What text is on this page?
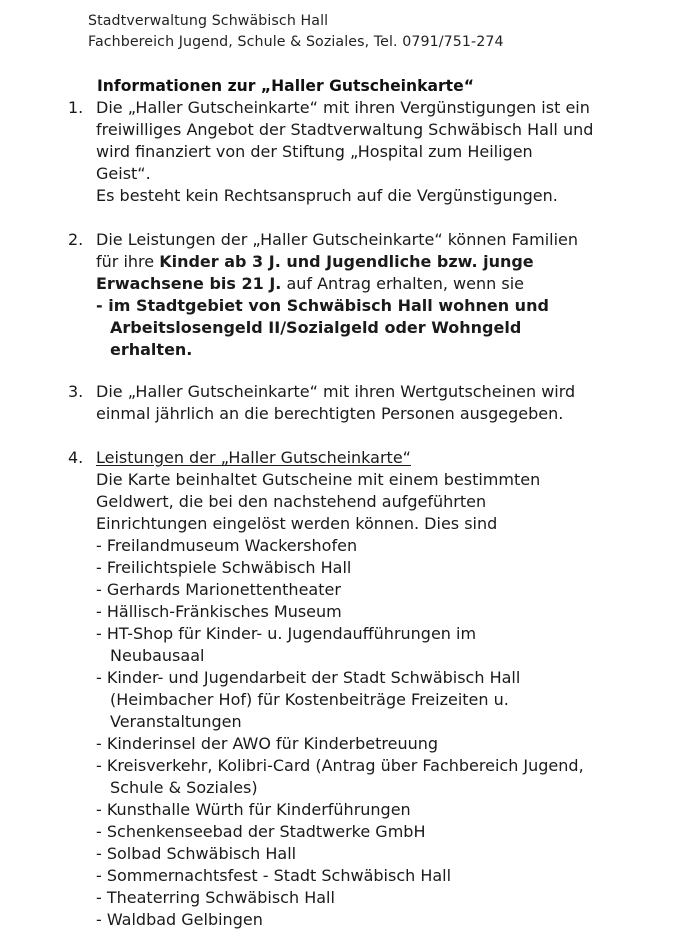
Stadtverwaltung Schwäbisch Hall
Fachbereich Jugend, Schule & Soziales, Tel. 0791/751-274
Informationen zur „Haller Gutscheinkarte“
1. Die „Haller Gutscheinkarte“ mit ihren Vergünstigungen ist ein
freiwilliges Angebot der Stadtverwaltung Schwäbisch Hall und
wird finanziert von der Stiftung „Hospital zum Heiligen
Geist“.
Es besteht kein Rechtsanspruch auf die Vergünstigungen.
2. Die Leistungen der „Haller Gutscheinkarte“ können Familien
für ihre Kinder ab 3 J. und Jugendliche bzw. junge
Erwachsene bis 21 J. auf Antrag erhalten, wenn sie
- im Stadtgebiet von Schwäbisch Hall wohnen und
Arbeitslosengeld II/Sozialgeld oder Wohngeld
erhalten.
3. Die „Haller Gutscheinkarte“ mit ihren Wertgutscheinen wird
einmal jährlich an die berechtigten Personen ausgegeben.
4. Leistungen der „Haller Gutscheinkarte“
Die Karte beinhaltet Gutscheine mit einem bestimmten
Geldwert, die bei den nachstehend aufgeführten
Einrichtungen eingelöst werden können. Dies sind
- Freilandmuseum Wackershofen
- Freilichtspiele Schwäbisch Hall
- Gerhards Marionettentheater
- Hällisch-Fränkisches Museum
- HT-Shop für Kinder- u. Jugendaufführungen im
Neubausaal
- Kinder- und Jugendarbeit der Stadt Schwäbisch Hall
(Heimbacher Hof) für Kostenbeiträge Freizeiten u.
Veranstaltungen
- Kinderinsel der AWO für Kinderbetreuung
- Kreisverkehr, Kolibri-Card (Antrag über Fachbereich Jugend,
Schule & Soziales)
- Kunsthalle Würth für Kinderführungen
- Schenkenseebad der Stadtwerke GmbH
- Solbad Schwäbisch Hall
- Sommernachtsfest - Stadt Schwäbisch Hall
- Theaterring Schwäbisch Hall
- Waldbad Gelbingen
